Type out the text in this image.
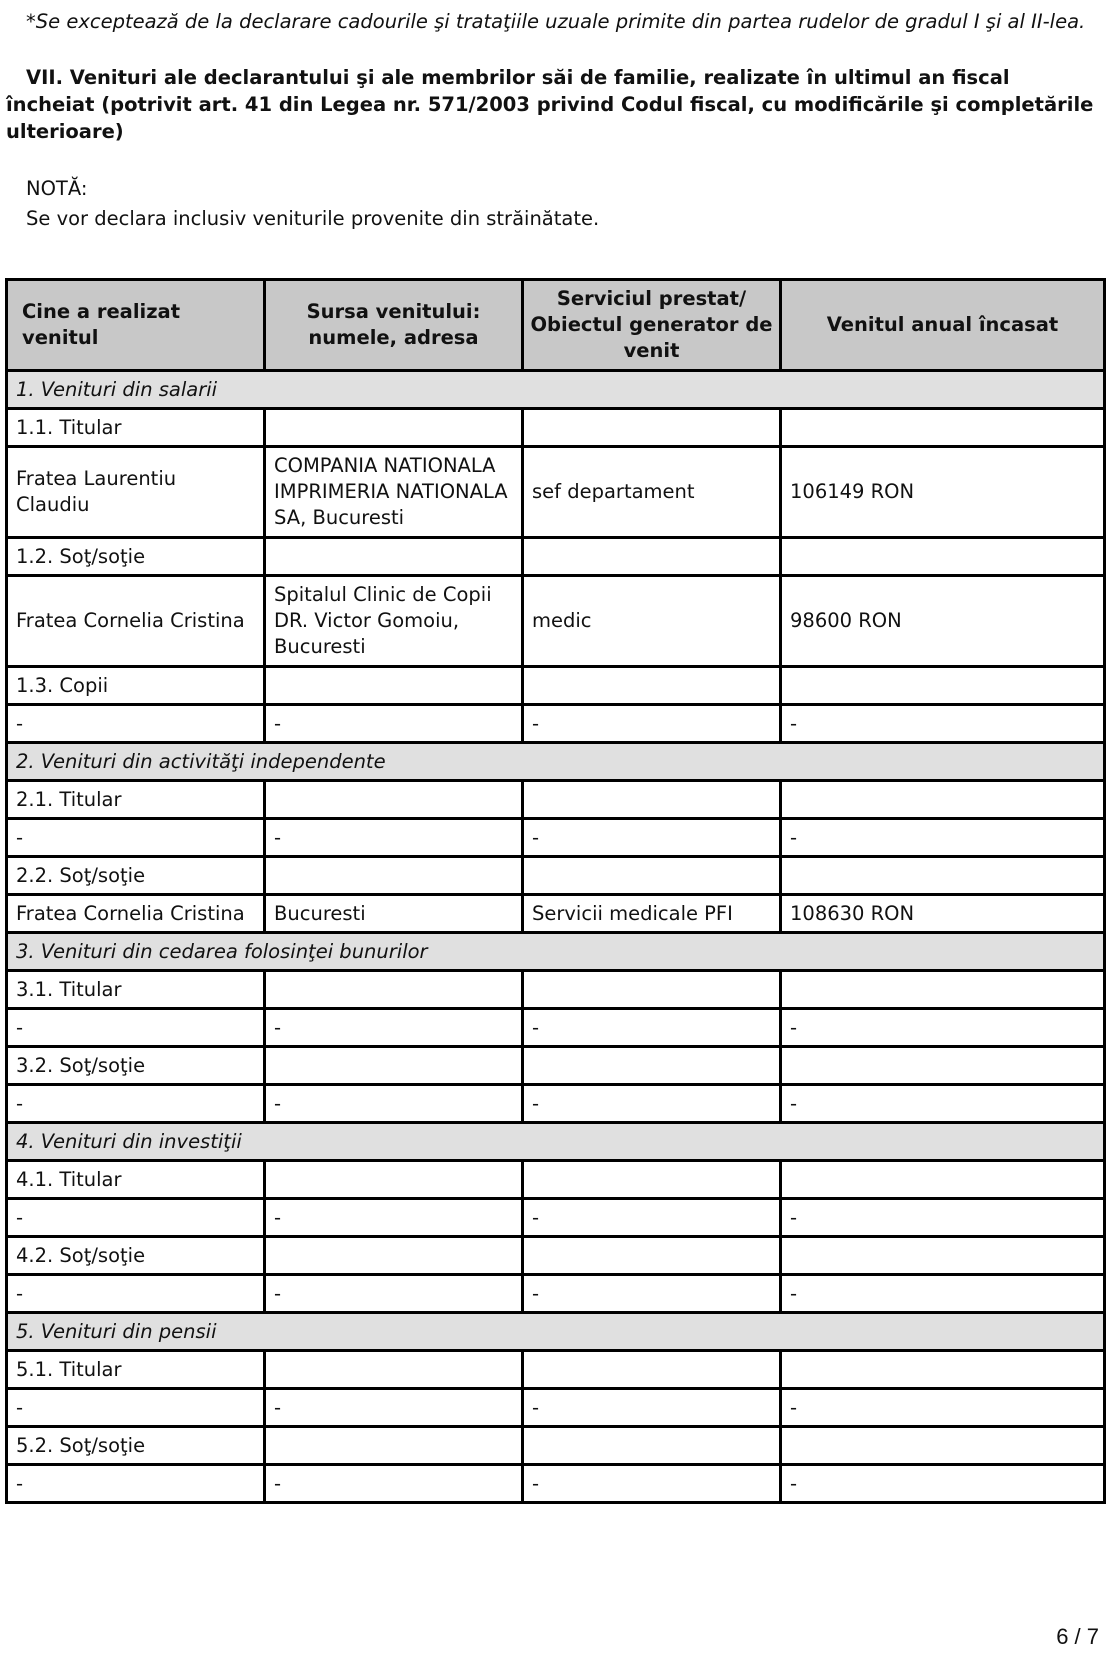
*Se exceptează de la declarare cadourile şi trataţiile uzuale primite din partea rudelor de gradul I şi al II-lea.
VII. Venituri ale declarantului şi ale membrilor săi de familie, realizate în ultimul an fiscal încheiat (potrivit art. 41 din Legea nr. 571/2003 privind Codul fiscal, cu modificările şi completările ulterioare)
NOTĂ:
Se vor declara inclusiv veniturile provenite din străinătate.
Cine a realizat venitul	Sursa venitului: numele, adresa	Serviciul prestat/ Obiectul generator de venit	Venitul anual încasat
1. Venituri din salarii			
1.1. Titular			
Fratea Laurentiu Claudiu	COMPANIA NATIONALA IMPRIMERIA NATIONALA SA, Bucuresti	sef departament	106149 RON
1.2. Soţ/soţie			
Fratea Cornelia Cristina	Spitalul Clinic de Copii DR. Victor Gomoiu, Bucuresti	medic	98600 RON
1.3. Copii			
-	-	-	-
2. Venituri din activităţi independente			
2.1. Titular			
-	-	-	-
2.2. Soţ/soţie			
Fratea Cornelia Cristina	Bucuresti	Servicii medicale PFI	108630 RON
3. Venituri din cedarea folosinţei bunurilor			
3.1. Titular			
-	-	-	-
3.2. Soţ/soţie			
-	-	-	-
4. Venituri din investiţii			
4.1. Titular			
-	-	-	-
4.2. Soţ/soţie			
-	-	-	-
5. Venituri din pensii			
5.1. Titular			
-	-	-	-
5.2. Soţ/soţie			
-	-	-	-
6 / 7
